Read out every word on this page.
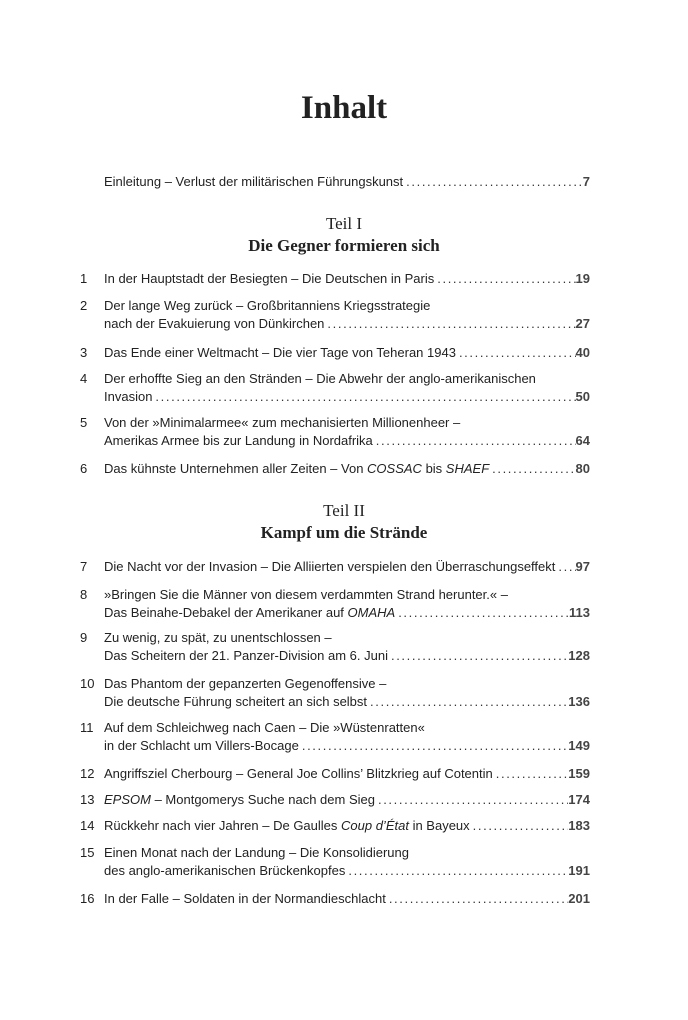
Inhalt
Einleitung – Verlust der militärischen Führungskunst . . .	7
Teil I
Die Gegner formieren sich
Teil II
Kampf um die Strände
1	In der Hauptstadt der Besiegten – Die Deutschen in Paris . . .	19
2	Der lange Weg zurück – Großbritanniens Kriegsstrategie
nach der Evakuierung von Dünkirchen . . .	27
3	Das Ende einer Weltmacht – Die vier Tage von Teheran 1943 . . .	40
4	Der erhoffte Sieg an den Stränden – Die Abwehr der anglo-amerikanischen
Invasion . . .	50
5	Von der »Minimalarmee« zum mechanisierten Millionenheer –
Amerikas Armee bis zur Landung in Nordafrika . . .	64
6	Das kühnste Unternehmen aller Zeiten – Von COSSAC bis SHAEF . . .	80
7	Die Nacht vor der Invasion – Die Alliierten verspielen den Überraschungseffekt . . . 97
8	»Bringen Sie die Männer von diesem verdammten Strand herunter.« –
Das Beinahe-Debakel der Amerikaner auf OMAHA . . .	113
9	Zu wenig, zu spät, zu unentschlossen –
Das Scheitern der 21. Panzer-Division am 6. Juni . . .	128
10 Das Phantom der gepanzerten Gegenoffensive –
Die deutsche Führung scheitert an sich selbst . . .	136
11 Auf dem Schleichweg nach Caen – Die »Wüstenratten«
in der Schlacht um Villers-Bocage . . .	149
12 Angriffsziel Cherbourg – General Joe Collins’ Blitzkrieg auf Cotentin . . .	159
13 EPSOM – Montgomerys Suche nach dem Sieg . . .	174
14 Rückkehr nach vier Jahren – De Gaulles Coup d’État in Bayeux . . .	183
15 Einen Monat nach der Landung – Die Konsolidierung
des anglo-amerikanischen Brückenkopfes . . .	191
16 In der Falle – Soldaten in der Normandieschlacht . . .	201
